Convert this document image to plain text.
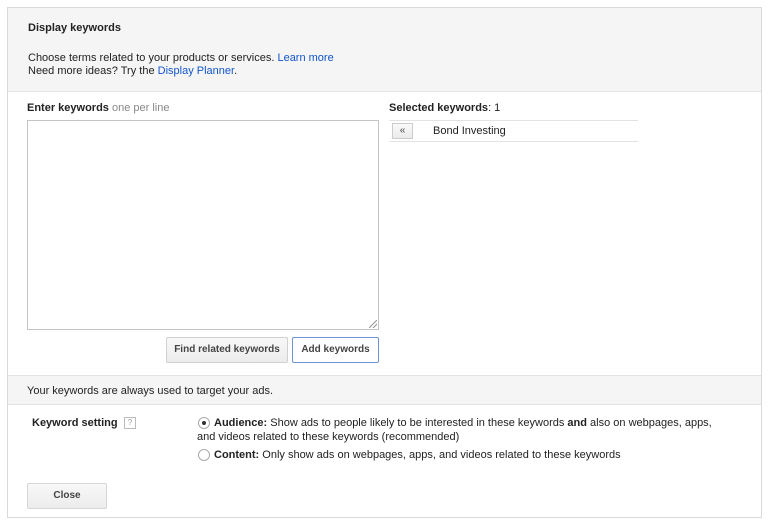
Display keywords
Choose terms related to your products or services. Learn more
Need more ideas? Try the Display Planner.
Enter keywords one per line
Find related keywords	Add keywords
Selected keywords: 1
«	Bond Investing
Your keywords are always used to target your ads.
Keyword setting	?	Audience: Show ads to people likely to be interested in these keywords and also on webpages, apps,
and videos related to these keywords (recommended)
Content: Only show ads on webpages, apps, and videos related to these keywords
Close
